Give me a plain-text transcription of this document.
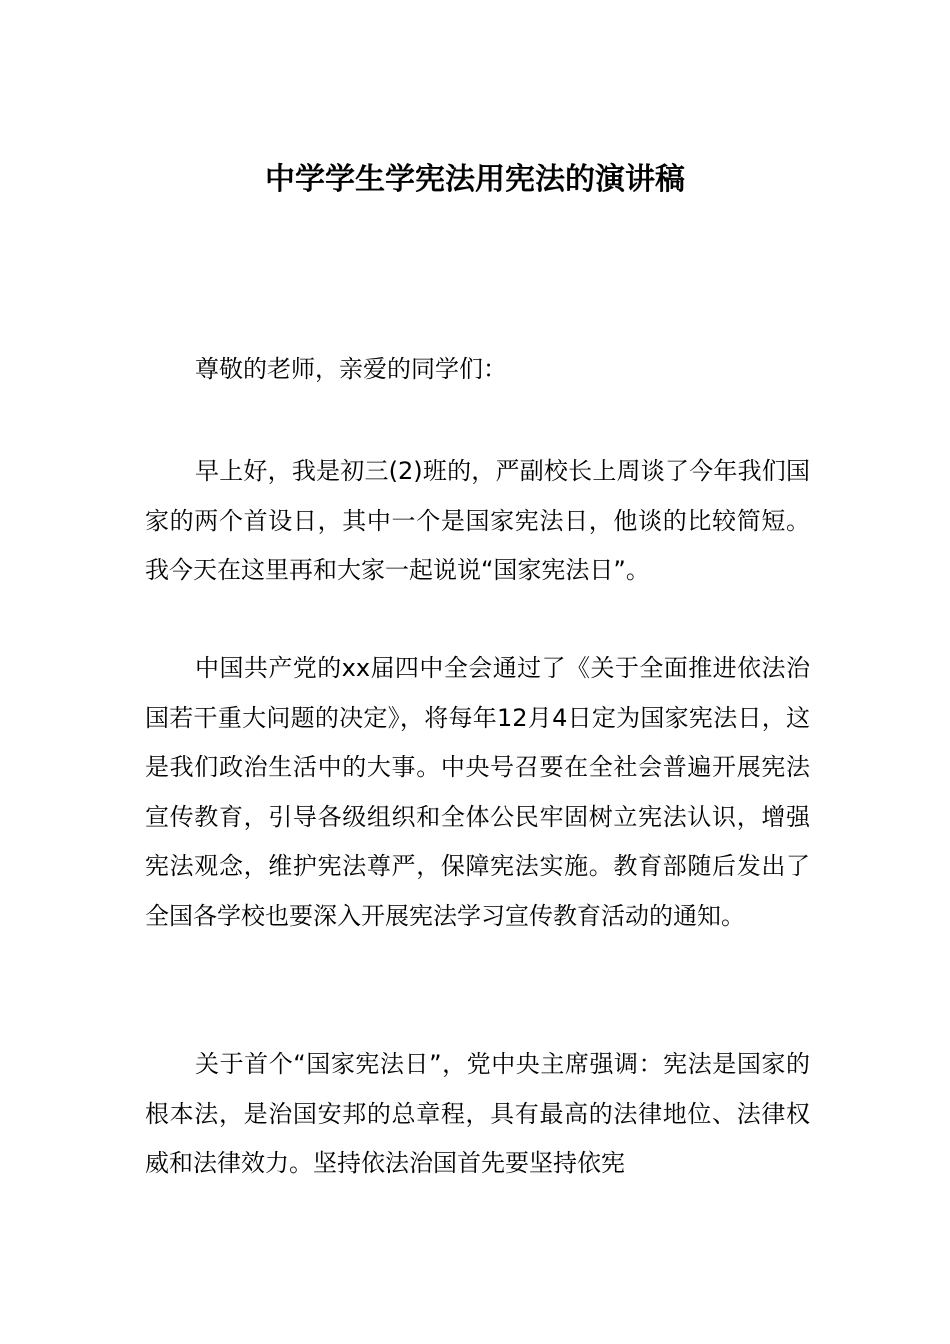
中学学生学宪法用宪法的演讲稿

尊敬的老师，亲爱的同学们：

早上好，我是初三(2)班的，严副校长上周谈了今年我们国家的两个首设日，其中一个是国家宪法日，他谈的比较简短。我今天在这里再和大家一起说说“国家宪法日”。

中国共产党的xx届四中全会通过了《关于全面推进依法治国若干重大问题的决定》，将每年12月4日定为国家宪法日，这是我们政治生活中的大事。中央号召要在全社会普遍开展宪法宣传教育，引导各级组织和全体公民牢固树立宪法认识，增强宪法观念，维护宪法尊严，保障宪法实施。教育部随后发出了全国各学校也要深入开展宪法学习宣传教育活动的通知。

关于首个“国家宪法日”，党中央主席强调：宪法是国家的根本法，是治国安邦的总章程，具有最高的法律地位、法律权威和法律效力。坚持依法治国首先要坚持依宪
